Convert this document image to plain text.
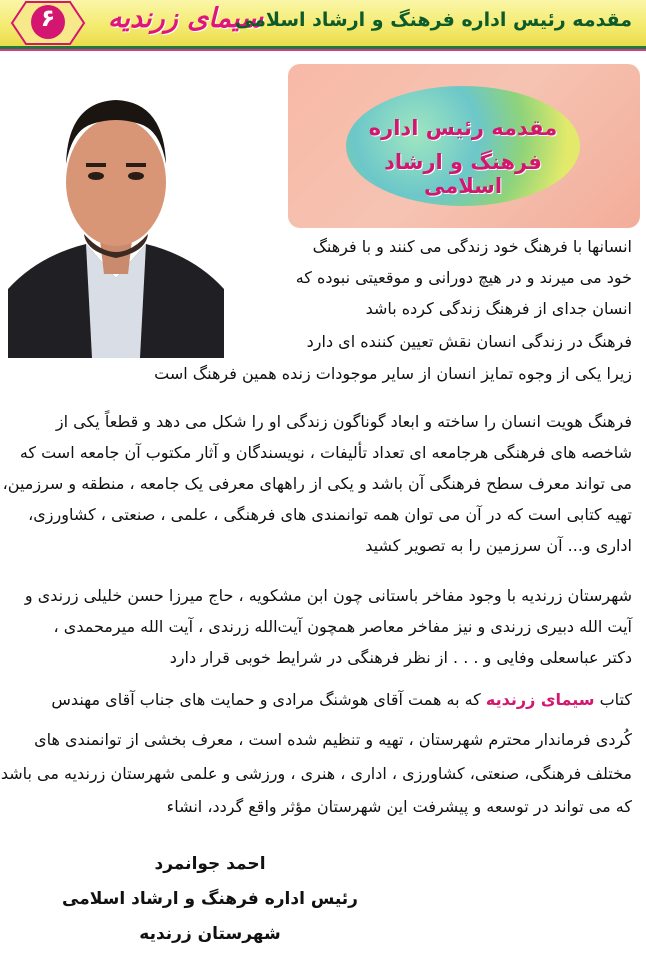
۶	سیمای زرندیه
مقدمه رئیس اداره فرهنگ و ارشاد اسلامی
مقدمه رئیس اداره
فرهنگ و ارشاد اسلامی
انسانها با فرهنگ خود زندگی می کنند و با فرهنگ
خود می میرند و در هیچ دورانی و موقعیتی نبوده که
انسان جدای از فرهنگ زندگی کرده باشد
فرهنگ در زندگی انسان نقش تعیین کننده ای دارد
زیرا یکی از وجوه تمایز انسان از سایر موجودات زنده همین فرهنگ است
فرهنگ هویت انسان را ساخته و ابعاد گوناگون زندگی او را شکل می دهد و قطعاً یکی از
شاخصه های فرهنگی هرجامعه ای تعداد تألیفات ، نویسندگان و آثار مکتوب آن جامعه است که
می تواند معرف سطح فرهنگی آن باشد و یکی از راههای معرفی یک جامعه ، منطقه و سرزمین،
تهیه کتابی است که در آن می توان همه توانمندی های فرهنگی ، علمی ، صنعتی ، کشاورزی،
اداری و... آن سرزمین را به تصویر کشید
شهرستان زرندیه با وجود مفاخر باستانی چون ابن مشکویه ، حاج میرزا حسن خلیلی زرندی و
آیت الله دبیری زرندی و نیز مفاخر معاصر همچون آیت‌الله زرندی ، آیت الله میرمحمدی ،
دکتر عباسعلی وفایی و . . . از نظر فرهنگی در شرایط خوبی قرار دارد
کتاب سیمای زرندیه که به همت آقای هوشنگ مرادی و حمایت های جناب آقای مهندس
کُردی فرماندار محترم شهرستان ، تهیه و تنظیم شده است ، معرف بخشی از توانمندی های
مختلف فرهنگی، صنعتی، کشاورزی ، اداری ، هنری ، ورزشی و علمی شهرستان زرندیه می باشد
که می تواند در توسعه و پیشرفت این شهرستان مؤثر واقع گردد، انشاء
احمد جوانمرد
رئیس اداره فرهنگ و ارشاد اسلامی
شهرستان زرندیه
